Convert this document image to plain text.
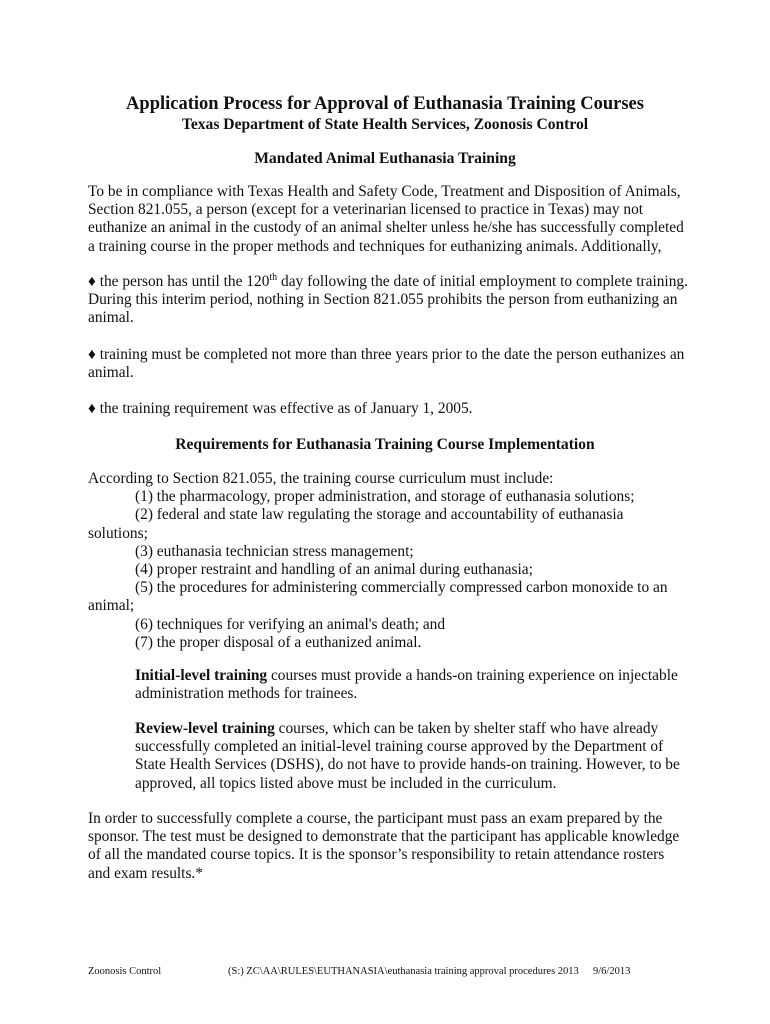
Application Process for Approval of Euthanasia Training Courses
Texas Department of State Health Services, Zoonosis Control
Mandated Animal Euthanasia Training

To be in compliance with Texas Health and Safety Code, Treatment and Disposition of Animals, Section 821.055, a person (except for a veterinarian licensed to practice in Texas) may not euthanize an animal in the custody of an animal shelter unless he/she has successfully completed a training course in the proper methods and techniques for euthanizing animals. Additionally,

♦ the person has until the 120th day following the date of initial employment to complete training. During this interim period, nothing in Section 821.055 prohibits the person from euthanizing an animal.

♦ training must be completed not more than three years prior to the date the person euthanizes an animal.

♦ the training requirement was effective as of January 1, 2005.

Requirements for Euthanasia Training Course Implementation

According to Section 821.055, the training course curriculum must include:

(1) the pharmacology, proper administration, and storage of euthanasia solutions;

(2) federal and state law regulating the storage and accountability of euthanasia

solutions;

(3) euthanasia technician stress management;

(4) proper restraint and handling of an animal during euthanasia;

(5) the procedures for administering commercially compressed carbon monoxide to an

animal;

(6) techniques for verifying an animal's death; and

(7) the proper disposal of a euthanized animal.

Initial-level training courses must provide a hands-on training experience on injectable administration methods for trainees.

Review-level training courses, which can be taken by shelter staff who have already successfully completed an initial-level training course approved by the Department of State Health Services (DSHS), do not have to provide hands-on training. However, to be approved, all topics listed above must be included in the curriculum.

In order to successfully complete a course, the participant must pass an exam prepared by the sponsor. The test must be designed to demonstrate that the participant has applicable knowledge of all the mandated course topics. It is the sponsor’s responsibility to retain attendance rosters and exam results.*

Zoonosis Control	(S:) ZC\AA\RULES\EUTHANASIA\euthanasia training approval procedures 2013 9/6/2013
